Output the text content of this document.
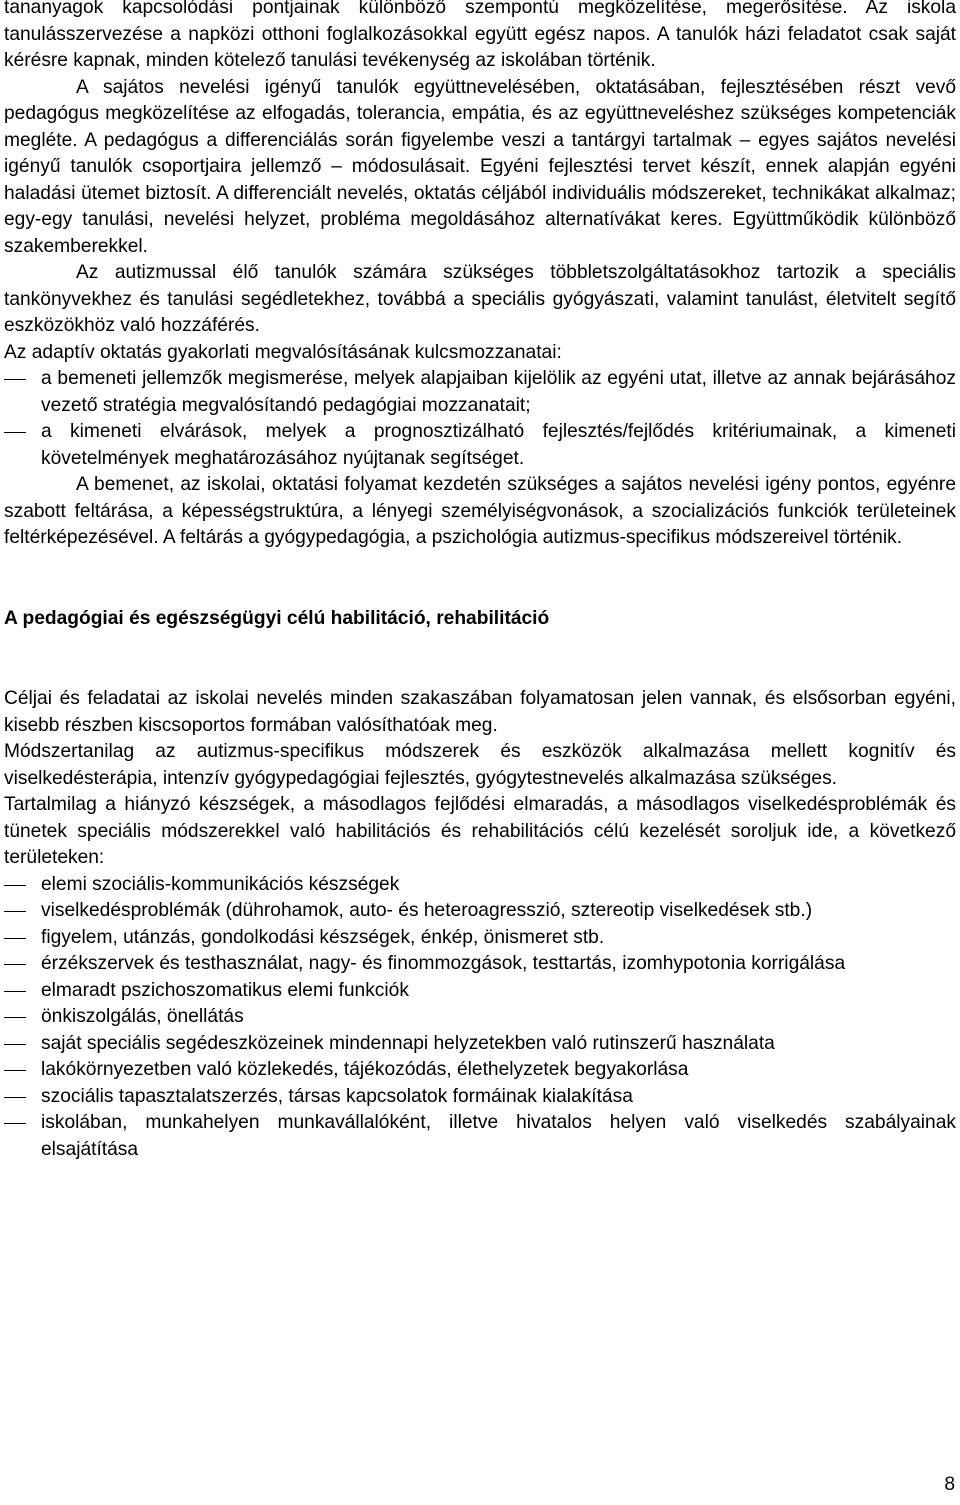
tananyagok kapcsolódási pontjainak különböző szempontú megközelítése, megerősítése. Az iskola tanulásszervezése a napközi otthoni foglalkozásokkal együtt egész napos. A tanulók házi feladatot csak saját kérésre kapnak, minden kötelező tanulási tevékenység az iskolában történik.

A sajátos nevelési igényű tanulók együttnevelésében, oktatásában, fejlesztésében részt vevő pedagógus megközelítése az elfogadás, tolerancia, empátia, és az együttneveléshez szükséges kompetenciák megléte. A pedagógus a differenciálás során figyelembe veszi a tantárgyi tartalmak – egyes sajátos nevelési igényű tanulók csoportjaira jellemző – módosulásait. Egyéni fejlesztési tervet készít, ennek alapján egyéni haladási ütemet biztosít. A differenciált nevelés, oktatás céljából individuális módszereket, technikákat alkalmaz; egy-egy tanulási, nevelési helyzet, probléma megoldásához alternatívákat keres. Együttműködik különböző szakemberekkel.

Az autizmussal élő tanulók számára szükséges többletszolgáltatásokhoz tartozik a speciális tankönyvekhez és tanulási segédletekhez, továbbá a speciális gyógyászati, valamint tanulást, életvitelt segítő eszközökhöz való hozzáférés.

Az adaptív oktatás gyakorlati megvalósításának kulcsmozzanatai:

a bemeneti jellemzők megismerése, melyek alapjaiban kijelölik az egyéni utat, illetve az annak bejárásához vezető stratégia megvalósítandó pedagógiai mozzanatait;
a kimeneti elvárások, melyek a prognosztizálható fejlesztés/fejlődés kritériumainak, a kimeneti követelmények meghatározásához nyújtanak segítséget.

A bemenet, az iskolai, oktatási folyamat kezdetén szükséges a sajátos nevelési igény pontos, egyénre szabott feltárása, a képességstruktúra, a lényegi személyiségvonások, a szocializációs funkciók területeinek feltérképezésével. A feltárás a gyógypedagógia, a pszichológia autizmus-specifikus módszereivel történik.

A pedagógiai és egészségügyi célú habilitáció, rehabilitáció

Céljai és feladatai az iskolai nevelés minden szakaszában folyamatosan jelen vannak, és elsősorban egyéni, kisebb részben kiscsoportos formában valósíthatóak meg.

Módszertanilag az autizmus-specifikus módszerek és eszközök alkalmazása mellett kognitív és viselkedésterápia, intenzív gyógypedagógiai fejlesztés, gyógytestnevelés alkalmazása szükséges.

Tartalmilag a hiányzó készségek, a másodlagos fejlődési elmaradás, a másodlagos viselkedésproblémák és tünetek speciális módszerekkel való habilitációs és rehabilitációs célú kezelését soroljuk ide, a következő területeken:

elemi szociális-kommunikációs készségek
viselkedésproblémák (dührohamok, auto- és heteroagresszió, sztereotip viselkedések stb.)
figyelem, utánzás, gondolkodási készségek, énkép, önismeret stb.
érzékszervek és testhasználat, nagy- és finommozgások, testtartás, izomhypotonia korrigálása
elmaradt pszichoszomatikus elemi funkciók
önkiszolgálás, önellátás
saját speciális segédeszközeinek mindennapi helyzetekben való rutinszerű használata
lakókörnyezetben való közlekedés, tájékozódás, élethelyzetek begyakorlása
szociális tapasztalatszerzés, társas kapcsolatok formáinak kialakítása
iskolában, munkahelyen munkavállalóként, illetve hivatalos helyen való viselkedés szabályainak elsajátítása
8
